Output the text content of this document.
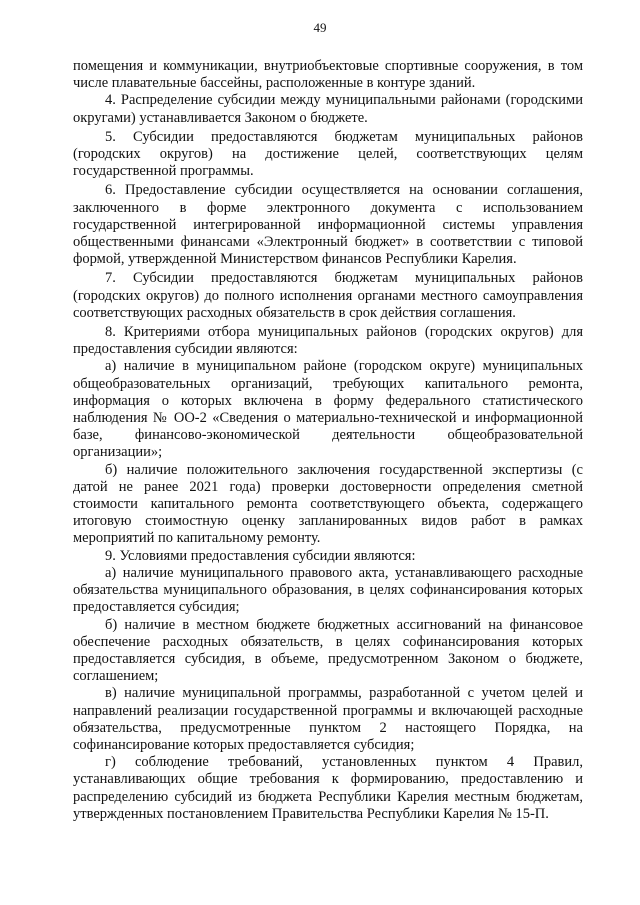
49

помещения и коммуникации, внутриобъектовые спортивные сооружения, в том числе плавательные бассейны, расположенные в контуре зданий.

4. Распределение субсидии между муниципальными районами (городскими округами) устанавливается Законом о бюджете.

5. Субсидии предоставляются бюджетам муниципальных районов (городских округов) на достижение целей, соответствующих целям государственной программы.

6. Предоставление субсидии осуществляется на основании соглашения, заключенного в форме электронного документа с использованием государственной интегрированной информационной системы управления общественными финансами «Электронный бюджет» в соответствии с типовой формой, утвержденной Министерством финансов Республики Карелия.

7. Субсидии предоставляются бюджетам муниципальных районов (городских округов) до полного исполнения органами местного самоуправления соответствующих расходных обязательств в срок действия соглашения.

8. Критериями отбора муниципальных районов (городских округов) для предоставления субсидии являются:

а) наличие в муниципальном районе (городском округе) муниципальных общеобразовательных организаций, требующих капитального ремонта, информация о которых включена в форму федерального статистического наблюдения № ОО-2 «Сведения о материально-технической и информационной базе, финансово-экономической деятельности общеобразовательной организации»;

б) наличие положительного заключения государственной экспертизы (с датой не ранее 2021 года) проверки достоверности определения сметной стоимости капитального ремонта соответствующего объекта, содержащего итоговую стоимостную оценку запланированных видов работ в рамках мероприятий по капитальному ремонту.

9. Условиями предоставления субсидии являются:

а) наличие муниципального правового акта, устанавливающего расходные обязательства муниципального образования, в целях софинансирования которых предоставляется субсидия;

б) наличие в местном бюджете бюджетных ассигнований на финансовое обеспечение расходных обязательств, в целях софинансирования которых предоставляется субсидия, в объеме, предусмотренном Законом о бюджете, соглашением;

в) наличие муниципальной программы, разработанной с учетом целей и направлений реализации государственной программы и включающей расходные обязательства, предусмотренные пунктом 2 настоящего Порядка, на софинансирование которых предоставляется субсидия;

г) соблюдение требований, установленных пунктом 4 Правил, устанавливающих общие требования к формированию, предоставлению и распределению субсидий из бюджета Республики Карелия местным бюджетам, утвержденных постановлением Правительства Республики Карелия № 15-П.
